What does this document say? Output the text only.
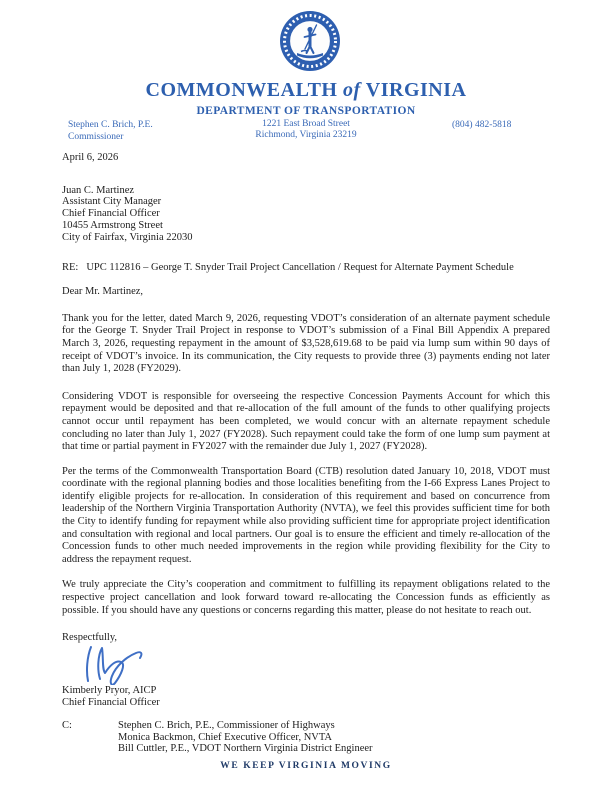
COMMONWEALTH of VIRGINIA
DEPARTMENT OF TRANSPORTATION
1221 East Broad Street
Richmond, Virginia 23219
Stephen C. Brich, P.E.
Commissioner
(804) 482-5818
April 6, 2026
Juan C. Martinez
Assistant City Manager
Chief Financial Officer
10455 Armstrong Street
City of Fairfax, Virginia 22030
RE: UPC 112816 – George T. Snyder Trail Project Cancellation / Request for Alternate Payment Schedule
Dear Mr. Martinez,

Thank you for the letter, dated March 9, 2026, requesting VDOT’s consideration of an alternate payment schedule for the George T. Snyder Trail Project in response to VDOT’s submission of a Final Bill Appendix A prepared March 3, 2026, requesting repayment in the amount of $3,528,619.68 to be paid via lump sum within 90 days of receipt of VDOT’s invoice. In its communication, the City requests to provide three (3) payments ending not later than July 1, 2028 (FY2029).

Considering VDOT is responsible for overseeing the respective Concession Payments Account for which this repayment would be deposited and that re-allocation of the full amount of the funds to other qualifying projects cannot occur until repayment has been completed, we would concur with an alternate repayment schedule concluding no later than July 1, 2027 (FY2028). Such repayment could take the form of one lump sum payment at that time or partial payment in FY2027 with the remainder due July 1, 2027 (FY2028).

Per the terms of the Commonwealth Transportation Board (CTB) resolution dated January 10, 2018, VDOT must coordinate with the regional planning bodies and those localities benefiting from the I-66 Express Lanes Project to identify eligible projects for re-allocation. In consideration of this requirement and based on concurrence from leadership of the Northern Virginia Transportation Authority (NVTA), we feel this provides sufficient time for both the City to identify funding for repayment while also providing sufficient time for appropriate project identification and consultation with regional and local partners. Our goal is to ensure the efficient and timely re-allocation of the Concession funds to other much needed improvements in the region while providing flexibility for the City to address the repayment request.

We truly appreciate the City’s cooperation and commitment to fulfilling its repayment obligations related to the respective project cancellation and look forward toward re-allocating the Concession funds as efficiently as possible. If you should have any questions or concerns regarding this matter, please do not hesitate to reach out.

Respectfully,
Kimberly Pryor, AICP
Chief Financial Officer
C:	Stephen C. Brich, P.E., Commissioner of Highways
Monica Backmon, Chief Executive Officer, NVTA
Bill Cuttler, P.E., VDOT Northern Virginia District Engineer
WE KEEP VIRGINIA MOVING
